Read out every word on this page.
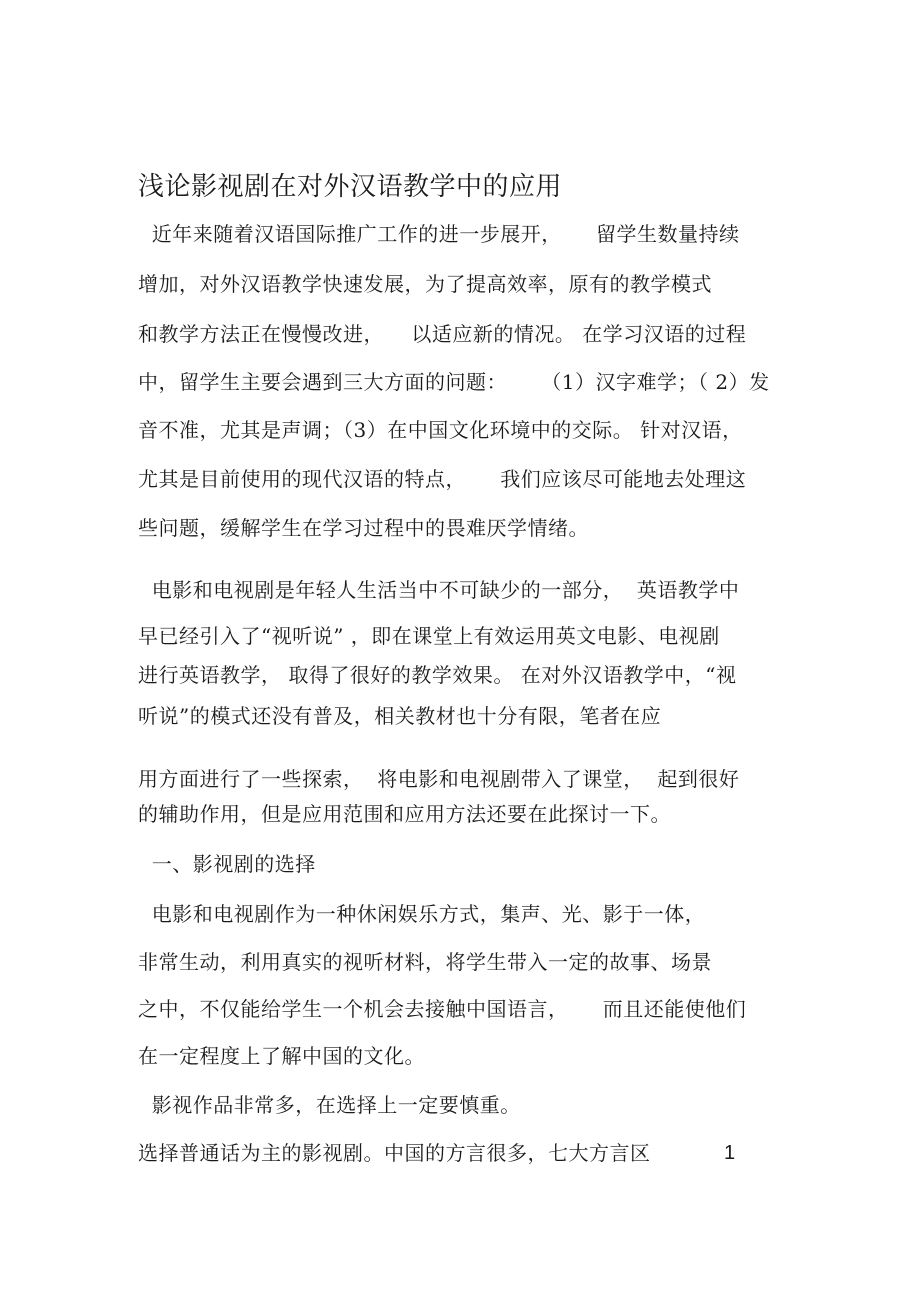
浅论影视剧在对外汉语教学中的应用
近年来随着汉语国际推广工作的进一步展开，     留学生数量持续
增加，对外汉语教学快速发展，为了提高效率，原有的教学模式
和教学方法正在慢慢改进，    以适应新的情况。 在学习汉语的过程
中，留学生主要会遇到三大方面的问题：     （1）汉字难学；（ 2）发
音不准，尤其是声调；（3）在中国文化环境中的交际。 针对汉语，
尤其是目前使用的现代汉语的特点，     我们应该尽可能地去处理这
些问题，缓解学生在学习过程中的畏难厌学情绪。
电影和电视剧是年轻人生活当中不可缺少的一部分，  英语教学中
早已经引入了“视听说” ，即在课堂上有效运用英文电影、电视剧
进行英语教学， 取得了很好的教学效果。 在对外汉语教学中，“视
听说”的模式还没有普及，相关教材也十分有限，笔者在应
用方面进行了一些探索，  将电影和电视剧带入了课堂，  起到很好
的辅助作用，但是应用范围和应用方法还要在此探讨一下。
一、影视剧的选择
电影和电视剧作为一种休闲娱乐方式，集声、光、影于一体，
非常生动，利用真实的视听材料，将学生带入一定的故事、场景
之中，不仅能给学生一个机会去接触中国语言，     而且还能使他们
在一定程度上了解中国的文化。
影视作品非常多，在选择上一定要慎重。
选择普通话为主的影视剧。中国的方言很多，七大方言区	1
